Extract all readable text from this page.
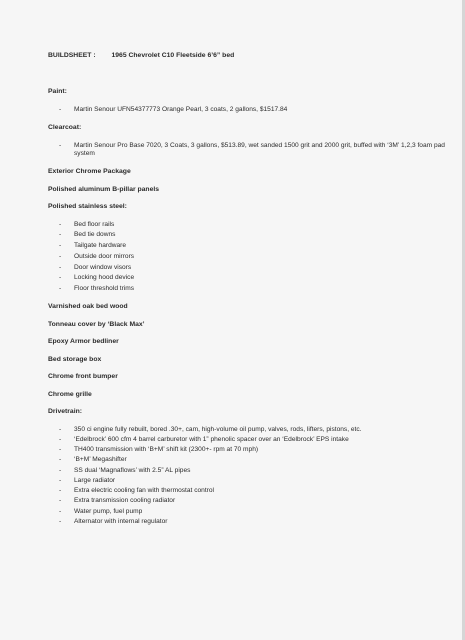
BUILDSHEET : 1965 Chevrolet C10 Fleetside 6’6” bed
Paint:
- Martin Senour UFN54377773 Orange Pearl, 3 coats, 2 gallons, $1517.84
Clearcoat:
- Martin Senour Pro Base 7020, 3 Coats, 3 gallons, $513.89, wet sanded 1500 grit and 2000 grit, buffed with ‘3M’ 1,2,3 foam pad system
Exterior Chrome Package
Polished aluminum B-pillar panels
Polished stainless steel:
- Bed floor rails
- Bed tie downs
- Tailgate hardware
- Outside door mirrors
- Door window visors
- Locking hood device
- Floor threshold trims
Varnished oak bed wood
Tonneau cover by ‘Black Max’
Epoxy Armor bedliner
Bed storage box
Chrome front bumper
Chrome grille
Drivetrain:
- 350 ci engine fully rebuilt, bored .30+, cam, high-volume oil pump, valves, rods, lifters, pistons, etc.
- ‘Edelbrock’ 600 cfm 4 barrel carburetor with 1” phenolic spacer over an ‘Edelbrock’ EPS intake
- TH400 transmission with ‘B+M’ shift kit (2300+- rpm at 70 mph)
- ‘B+M’ Megashifter
- SS dual ‘Magnaflows’ with 2.5” AL pipes
- Large radiator
- Extra electric cooling fan with thermostat control
- Extra transmission cooling radiator
- Water pump, fuel pump
- Alternator with internal regulator
